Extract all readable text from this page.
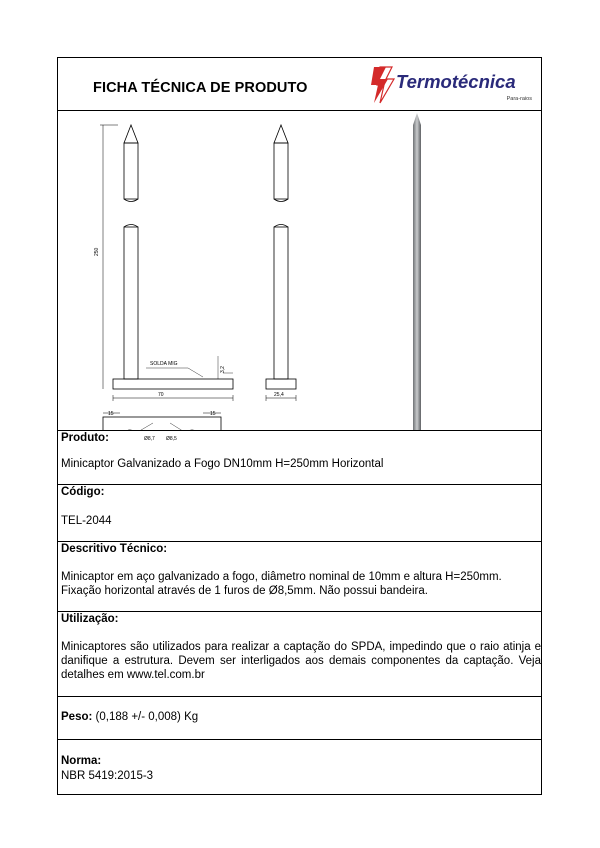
FICHA TÉCNICA DE PRODUTO	Termotécnica
Para-raios
250
SOLDA MIG
3,2
70	25,4
15	15
Ø8,7 Ø8,5
Produto:
Minicaptor Galvanizado a Fogo DN10mm H=250mm Horizontal
Código:
TEL-2044
Descritivo Técnico:
Minicaptor em aço galvanizado a fogo, diâmetro nominal de 10mm e altura H=250mm.
Fixação horizontal através de 1 furos de Ø8,5mm. Não possui bandeira.
Utilização:
Minicaptores são utilizados para realizar a captação do SPDA, impedindo que o raio atinja e danifique a estrutura. Devem ser interligados aos demais componentes da captação. Veja detalhes em www.tel.com.br
Peso: (0,188 +/- 0,008) Kg
Norma:
NBR 5419:2015-3
